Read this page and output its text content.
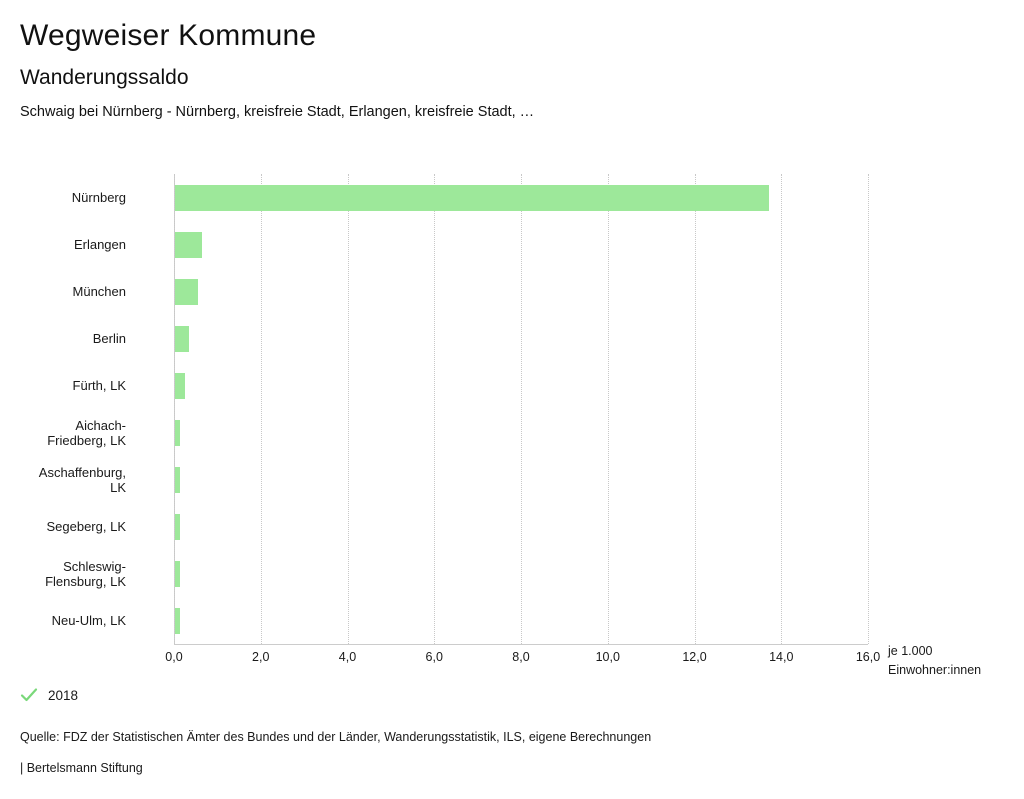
Wegweiser Kommune
Wanderungssaldo
Schwaig bei Nürnberg - Nürnberg, kreisfreie Stadt, Erlangen, kreisfreie Stadt, …
Nürnberg
Erlangen
München
Berlin
Fürth, LK
Aichach-
Friedberg, LK
Aschaffenburg,
LK
Segeberg, LK
Schleswig-
Flensburg, LK
Neu-Ulm, LK
0,0	2,0	4,0	6,0	8,0	10,0	12,0	14,0	16,0 je 1.000
Einwohner:innen
2018
Quelle: FDZ der Statistischen Ämter des Bundes und der Länder, Wanderungsstatistik, ILS, eigene Berechnungen
| Bertelsmann Stiftung
